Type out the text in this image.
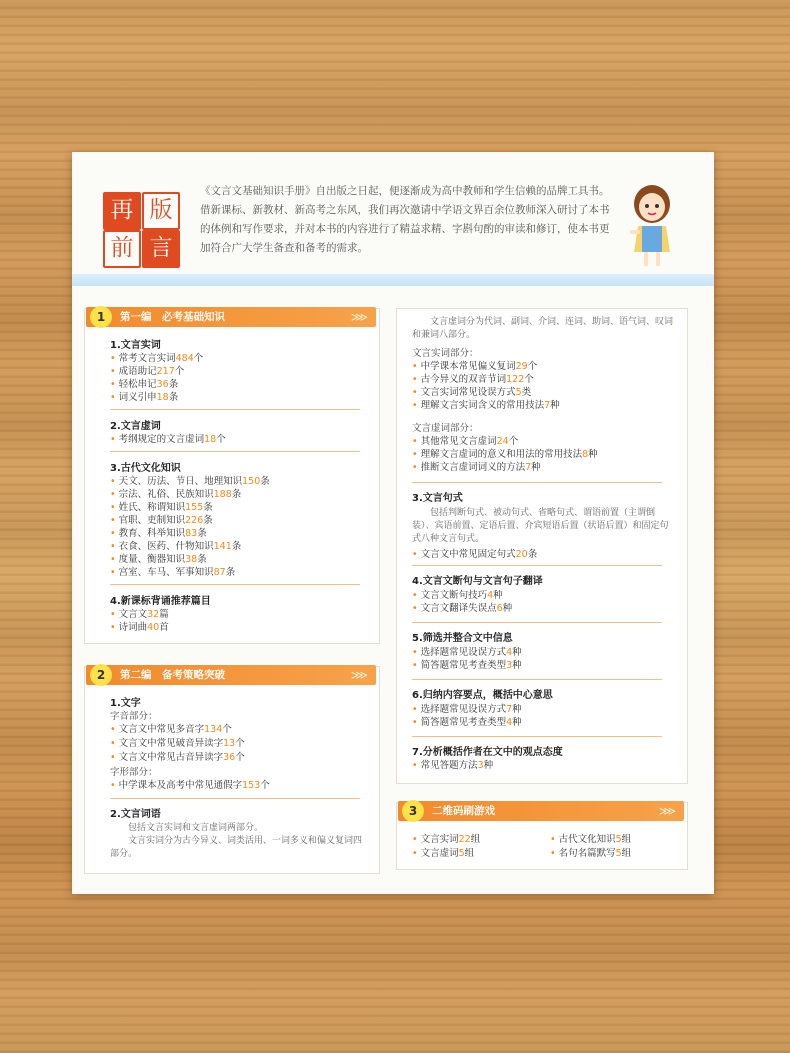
再 版
前 言
《文言文基础知识手册》自出版之日起，便逐渐成为高中教师和学生信赖的品牌工具书。借新课标、新教材、新高考之东风，我们再次邀请中学语文界百余位教师深入研讨了本书的体例和写作要求，并对本书的内容进行了精益求精、字斟句酌的审读和修订，使本书更加符合广大学生备查和备考的需求。
1	第一编　必考基础知识	⋙
1.文言实词
• 常考文言实词484个
• 成语助记217个
• 轻松串记36条
• 词义引申18条
2.文言虚词
• 考纲规定的文言虚词18个
3.古代文化知识
• 天文、历法、节日、地理知识150条
• 宗法、礼俗、民族知识188条
• 姓氏、称谓知识155条
• 官职、吏制知识226条
• 教育、科举知识83条
• 衣食、医药、什物知识141条
• 度量、衡器知识38条
• 宫室、车马、军事知识87条
4.新课标背诵推荐篇目
• 文言文32篇
• 诗词曲40首
2	第二编　备考策略突破	⋙
1.文字
字音部分：
• 文言文中常见多音字134个
• 文言文中常见破音异读字13个
• 文言文中常见古音异读字36个
字形部分：
• 中学课本及高考中常见通假字153个
2.文言词语
包括文言实词和文言虚词两部分。
文言实词分为古今异义、词类活用、一词多义和偏义复词四部分。
文言虚词分为代词、副词、介词、连词、助词、语气词、叹词和兼词八部分。
文言实词部分：
• 中学课本常见偏义复词29个
• 古今异义的双音节词122个
• 文言实词常见设误方式5类
• 理解文言实词含义的常用技法7种
文言虚词部分：
• 其他常见文言虚词24个
• 理解文言虚词的意义和用法的常用技法8种
• 推断文言虚词词义的方法7种
3.文言句式
包括判断句式、被动句式、省略句式、谓语前置（主谓倒装）、宾语前置、定语后置、介宾短语后置（状语后置）和固定句式八种文言句式。
• 文言文中常见固定句式20条
4.文言文断句与文言句子翻译
• 文言文断句技巧4种
• 文言文翻译失误点6种
5.筛选并整合文中信息
• 选择题常见设误方式4种
• 简答题常见考查类型3种
6.归纳内容要点，概括中心意思
• 选择题常见设误方式7种
• 简答题常见考查类型4种
7.分析概括作者在文中的观点态度
• 常见答题方法3种
3	二维码刷游戏	⋙
• 文言实词22组	• 古代文化知识5组
• 文言虚词5组	• 名句名篇默写5组
